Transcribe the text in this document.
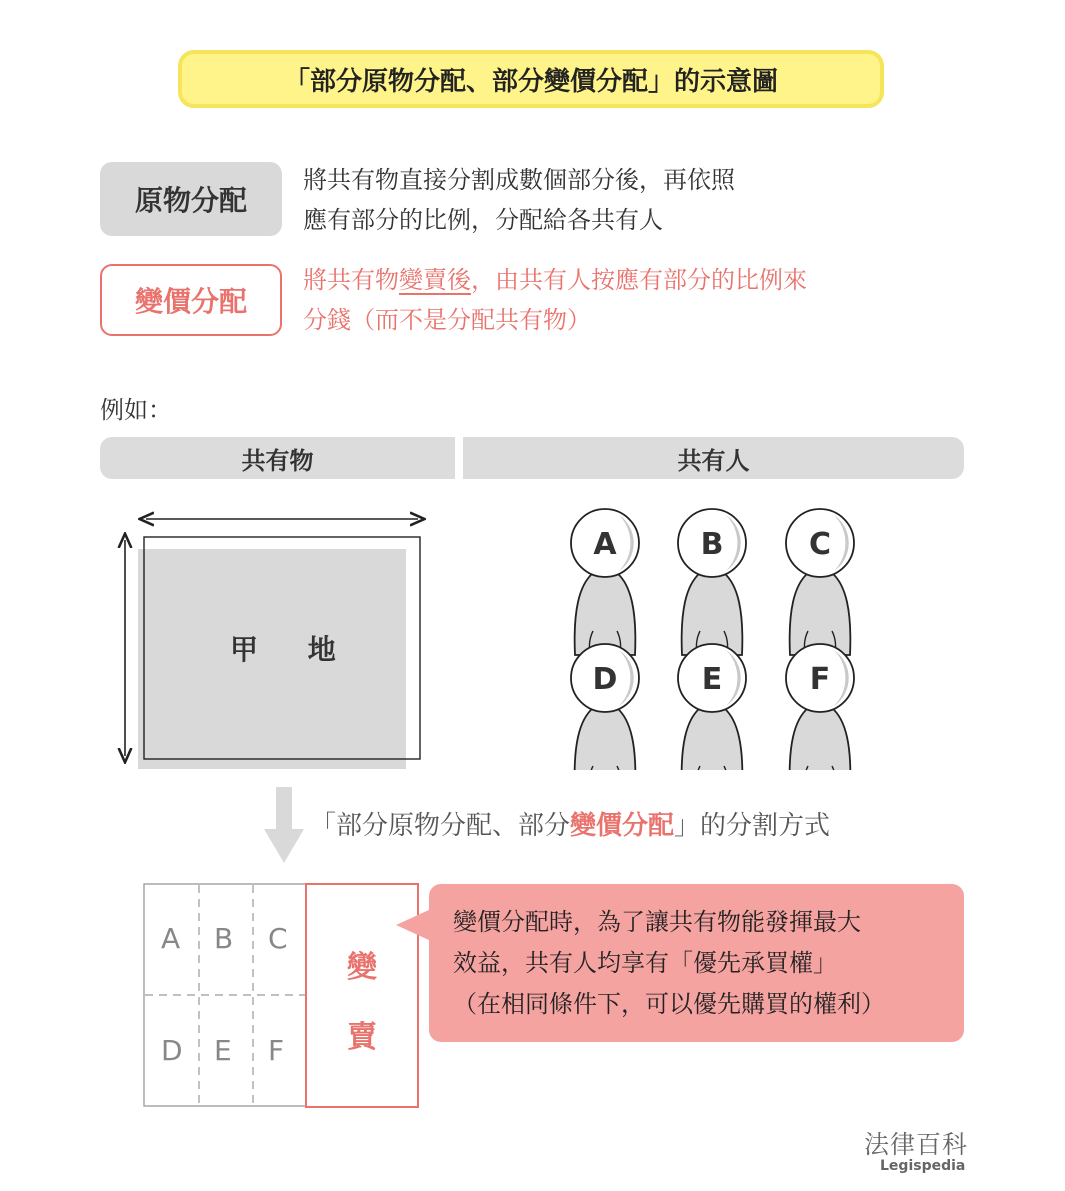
「部分原物分配、部分變價分配」的示意圖
原物分配
將共有物直接分割成數個部分後，再依照
應有部分的比例，分配給各共有人
變價分配
將共有物變賣後，由共有人按應有部分的比例來
分錢（而不是分配共有物）
例如：
共有物	共有人
甲 地
A	B	C
D	E	F
「部分原物分配、部分變價分配」的分割方式
A B C
D E F
變
賣
變價分配時，為了讓共有物能發揮最大
效益，共有人均享有「優先承買權」
（在相同條件下，可以優先購買的權利）
法律百科
Legispedia
